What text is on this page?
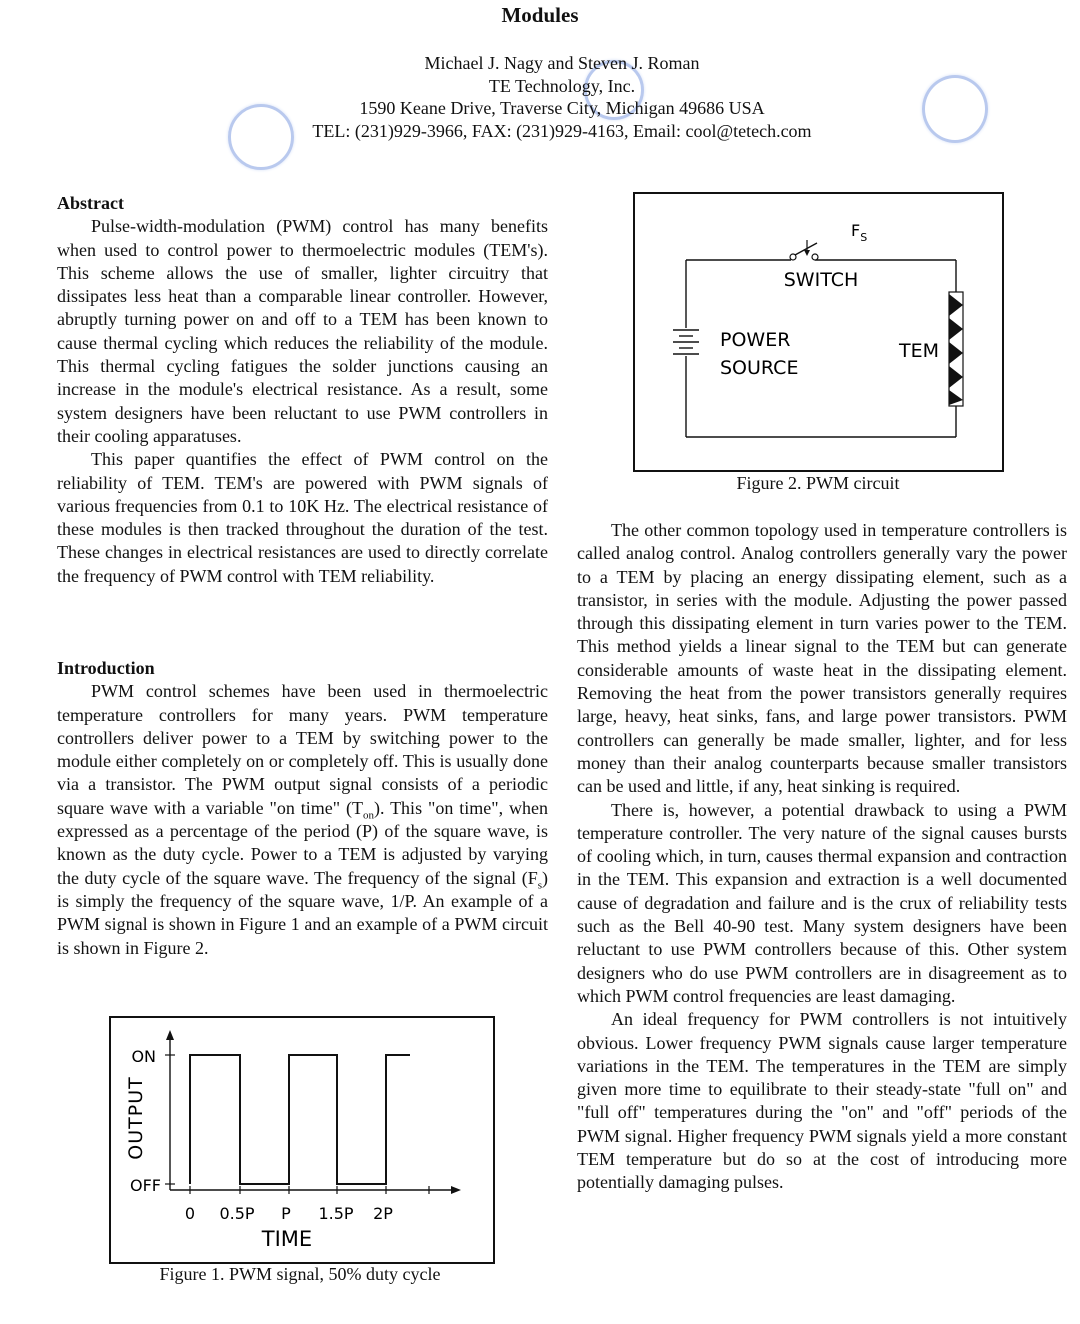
Modules
Michael J. Nagy and Steven J. Roman
TE Technology, Inc.
1590 Keane Drive, Traverse City, Michigan 49686 USA
TEL: (231)929-3966, FAX: (231)929-4163, Email: cool@tetech.com
Abstract

Pulse-width-modulation (PWM) control has many benefits when used to control power to thermoelectric modules (TEM's). This scheme allows the use of smaller, lighter circuitry that dissipates less heat than a comparable linear controller. However, abruptly turning power on and off to a TEM has been known to cause thermal cycling which reduces the reliability of the module. This thermal cycling fatigues the solder junctions causing an increase in the module's electrical resistance. As a result, some system designers have been reluctant to use PWM controllers in their cooling apparatuses.

This paper quantifies the effect of PWM control on the reliability of TEM. TEM's are powered with PWM signals of various frequencies from 0.1 to 10K Hz. The electrical resistance of these modules is then tracked throughout the duration of the test. These changes in electrical resistances are used to directly correlate the frequency of PWM control with TEM reliability.

Introduction

PWM control schemes have been used in thermoelectric temperature controllers for many years. PWM temperature controllers deliver power to a TEM by switching power to the module either completely on or completely off. This is usually done via a transistor. The PWM output signal consists of a periodic square wave with a variable "on time" $(T_{on})$. This "on time", when expressed as a percentage of the period (P) of the square wave, is known as the duty cycle. Power to a TEM is adjusted by varying the duty cycle of the square wave. The frequency of the signal $(F_s)$ is simply the frequency of the square wave, 1/P. An example of a PWM signal is shown in Figure 1 and an example of a PWM circuit is shown in Figure 2.

OUTPUT
ON
OFF
0 0.5P P 1.5P 2P
TIME
Figure 1. PWM signal, 50% duty cycle
$F_S$
SWITCH
POWER
SOURCE
TEM
Figure 2. PWM circuit

The other common topology used in temperature controllers is called analog control. Analog controllers generally vary the power to a TEM by placing an energy dissipating element, such as a transistor, in series with the module. Adjusting the power passed through this dissipating element in turn varies power to the TEM. This method yields a linear signal to the TEM but can generate considerable amounts of waste heat in the dissipating element. Removing the heat from the power transistors generally requires large, heavy, heat sinks, fans, and large power transistors. PWM controllers can generally be made smaller, lighter, and for less money than their analog counterparts because smaller transistors can be used and little, if any, heat sinking is required.

There is, however, a potential drawback to using a PWM temperature controller. The very nature of the signal causes bursts of cooling which, in turn, causes thermal expansion and contraction in the TEM. This expansion and extraction is a well documented cause of degradation and failure and is the crux of reliability tests such as the Bell 40-90 test. Many system designers have been reluctant to use PWM controllers because of this. Other system designers who do use PWM controllers are in disagreement as to which PWM control frequencies are least damaging.

An ideal frequency for PWM controllers is not intuitively obvious. Lower frequency PWM signals cause larger temperature variations in the TEM. The temperatures in the TEM are simply given more time to equilibrate to their steady-state "full on" and "full off" temperatures during the "on" and "off" periods of the PWM signal. Higher frequency PWM signals yield a more constant TEM temperature but do so at the cost of introducing more potentially damaging pulses.
